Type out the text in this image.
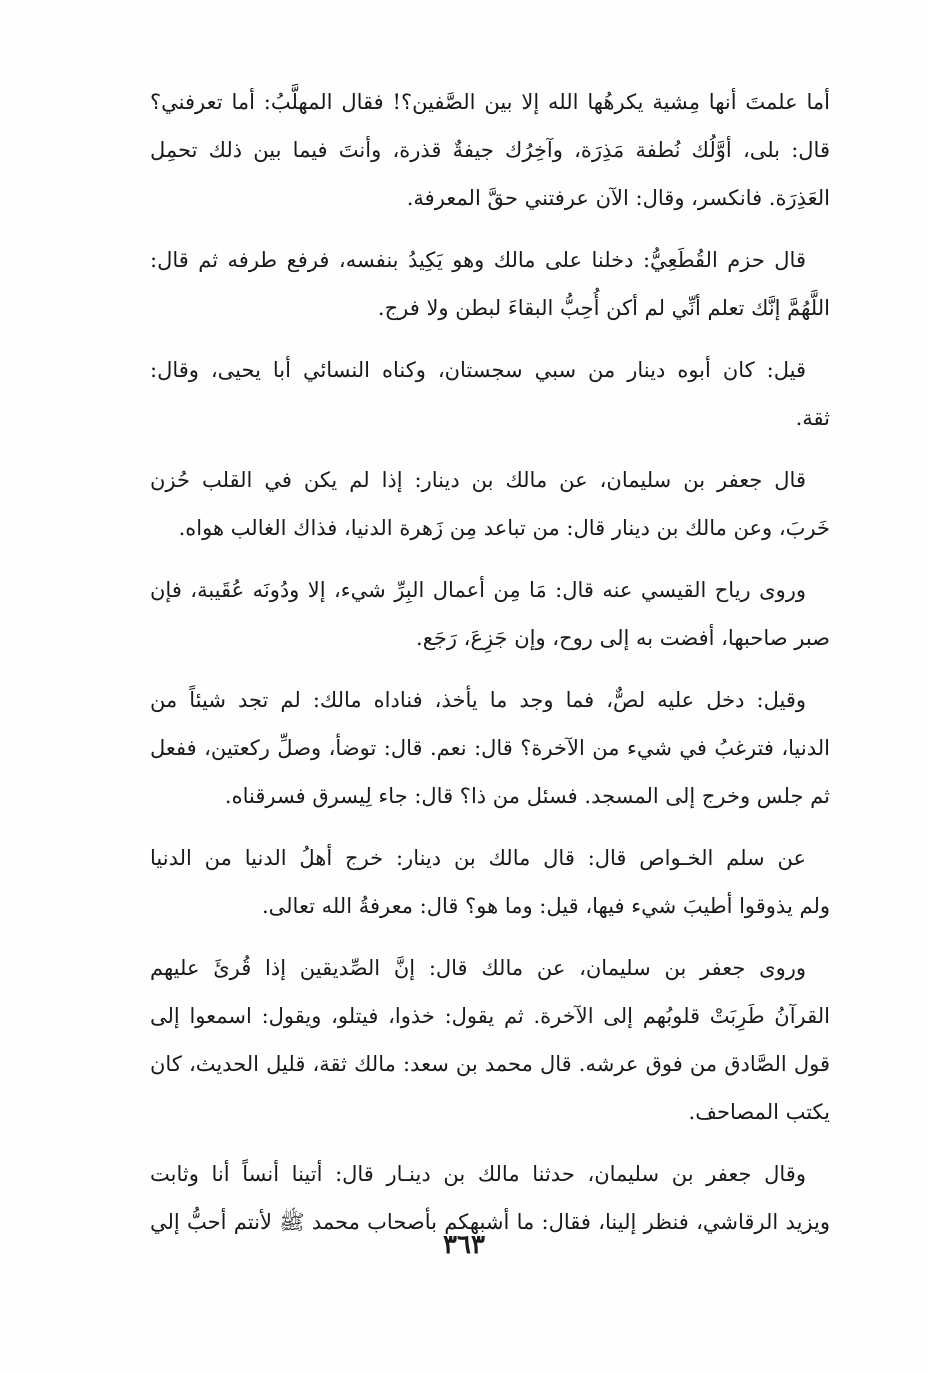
أما علمتَ أنها مِشية يكرهُها الله إلا بين الصَّفين؟! فقال المهلَّبُ: أما تعرفني؟
قال: بلى، أوَّلُك نُطفة مَذِرَة، وآخِرُك جيفةٌ قذرة، وأنتَ فيما بين ذلك تحمِل
العَذِرَة. فانكسر، وقال: الآن عرفتني حقَّ المعرفة.

قال حزم القُطَعِيُّ: دخلنا على مالك وهو يَكِيدُ بنفسه، فرفع طرفه ثم قال:
اللَّهُمَّ إنَّك تعلم أنِّي لم أكن أُحِبُّ البقاءَ لبطن ولا فرج.

قيل: كان أبوه دينار من سبي سجستان، وكناه النسائي أبا يحيى، وقال:
ثقة.

قال جعفر بن سليمان، عن مالك بن دينار: إذا لم يكن في القلب حُزن
خَربَ، وعن مالك بن دينار قال: من تباعد مِن زَهرة الدنيا، فذاك الغالب هواه.

وروى رياح القيسي عنه قال: مَا مِن أعمال البِرِّ شيء، إلا ودُونَه عُقَيبة، فإن
صبر صاحبها، أفضت به إلى روح، وإن جَزِعَ، رَجَع.

وقيل: دخل عليه لصٌّ، فما وجد ما يأخذ، فناداه مالك: لم تجد شيئاً من
الدنيا، فترغبُ في شيء من الآخرة؟ قال: نعم. قال: توضأ، وصلِّ ركعتين، ففعل
ثم جلس وخرج إلى المسجد. فسئل من ذا؟ قال: جاء لِيسرق فسرقناه.

عن سلم الخـواص قال: قال مالك بن دينار: خرج أهلُ الدنيا من الدنيا
ولم يذوقوا أطيبَ شيء فيها، قيل: وما هو؟ قال: معرفةُ الله تعالى.

وروى جعفر بن سليمان، عن مالك قال: إنَّ الصِّديقين إذا قُرئَ عليهم
القرآنُ طَرِبَتْ قلوبُهم إلى الآخرة. ثم يقول: خذوا، فيتلو، ويقول: اسمعوا إلى
قول الصَّادق من فوق عرشه. قال محمد بن سعد: مالك ثقة، قليل الحديث، كان
يكتب المصاحف.

وقال جعفر بن سليمان، حدثنا مالك بن دينـار قال: أتينا أنساً أنا وثابت
ويزيد الرقاشي، فنظر إلينا، فقال: ما أشبهكم بأصحاب محمد ﷺ لأنتم أحبُّ إلي

٣٦٣
